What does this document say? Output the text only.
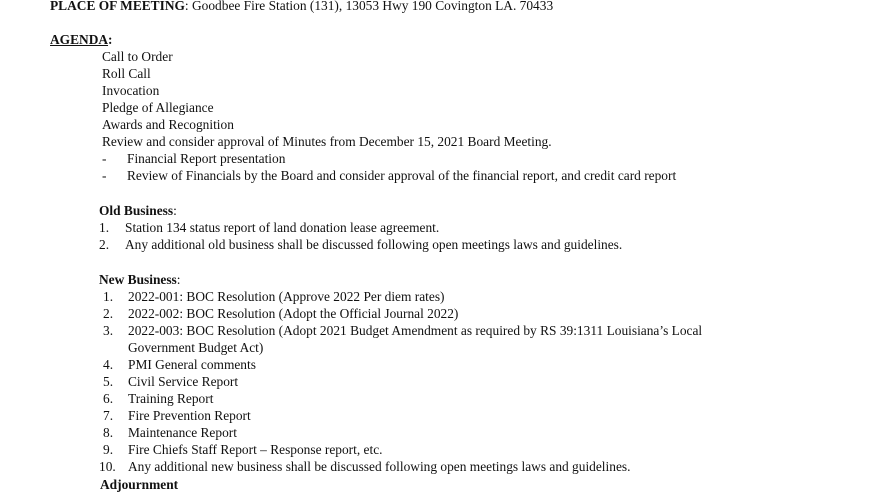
PLACE OF MEETING: Goodbee Fire Station (131), 13053 Hwy 190 Covington LA. 70433
AGENDA:
Call to Order
Roll Call
Invocation
Pledge of Allegiance
Awards and Recognition
Review and consider approval of Minutes from December 15, 2021 Board Meeting.
- Financial Report presentation
- Review of Financials by the Board and consider approval of the financial report, and credit card report
Old Business:
1. Station 134 status report of land donation lease agreement.
2. Any additional old business shall be discussed following open meetings laws and guidelines.
New Business:
1. 2022-001: BOC Resolution (Approve 2022 Per diem rates)
2. 2022-002: BOC Resolution (Adopt the Official Journal 2022)
3. 2022-003: BOC Resolution (Adopt 2021 Budget Amendment as required by RS 39:1311 Louisiana’s Local
Government Budget Act)
4. PMI General comments
5. Civil Service Report
6. Training Report
7. Fire Prevention Report
8. Maintenance Report
9. Fire Chiefs Staff Report – Response report, etc.
10. Any additional new business shall be discussed following open meetings laws and guidelines.
Adjournment
